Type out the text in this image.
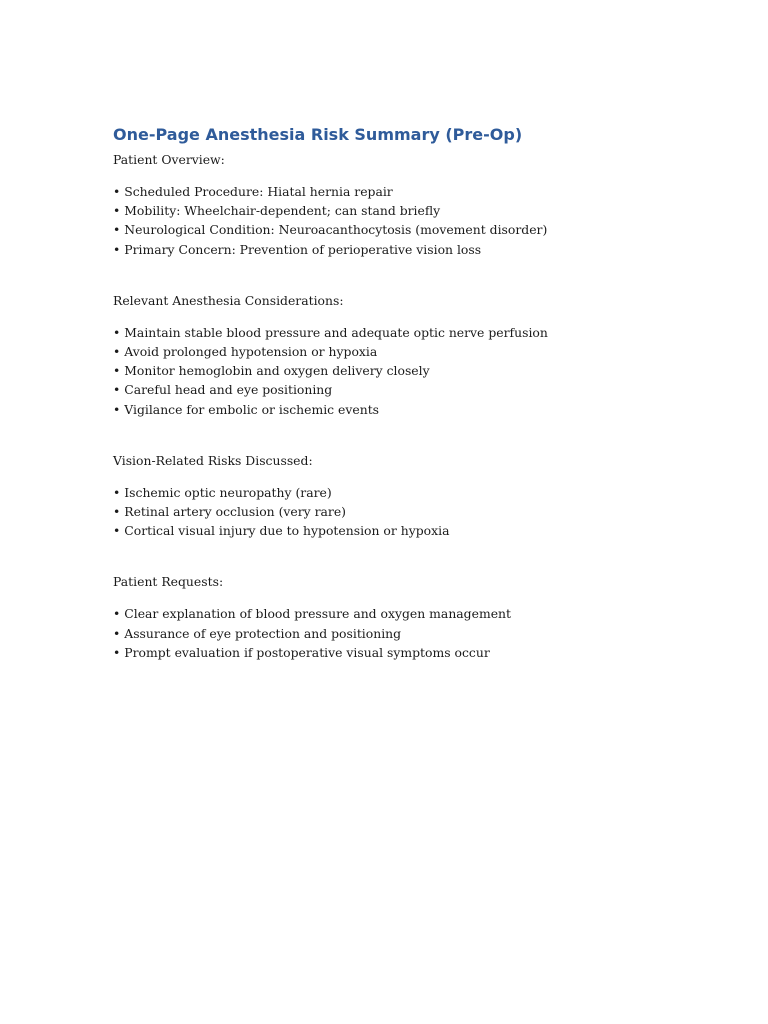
One-Page Anesthesia Risk Summary (Pre-Op)

Patient Overview:

• Scheduled Procedure: Hiatal hernia repair
• Mobility: Wheelchair-dependent; can stand briefly
• Neurological Condition: Neuroacanthocytosis (movement disorder)
• Primary Concern: Prevention of perioperative vision loss

Relevant Anesthesia Considerations:

• Maintain stable blood pressure and adequate optic nerve perfusion
• Avoid prolonged hypotension or hypoxia
• Monitor hemoglobin and oxygen delivery closely
• Careful head and eye positioning
• Vigilance for embolic or ischemic events

Vision-Related Risks Discussed:

• Ischemic optic neuropathy (rare)
• Retinal artery occlusion (very rare)
• Cortical visual injury due to hypotension or hypoxia

Patient Requests:

• Clear explanation of blood pressure and oxygen management
• Assurance of eye protection and positioning
• Prompt evaluation if postoperative visual symptoms occur
